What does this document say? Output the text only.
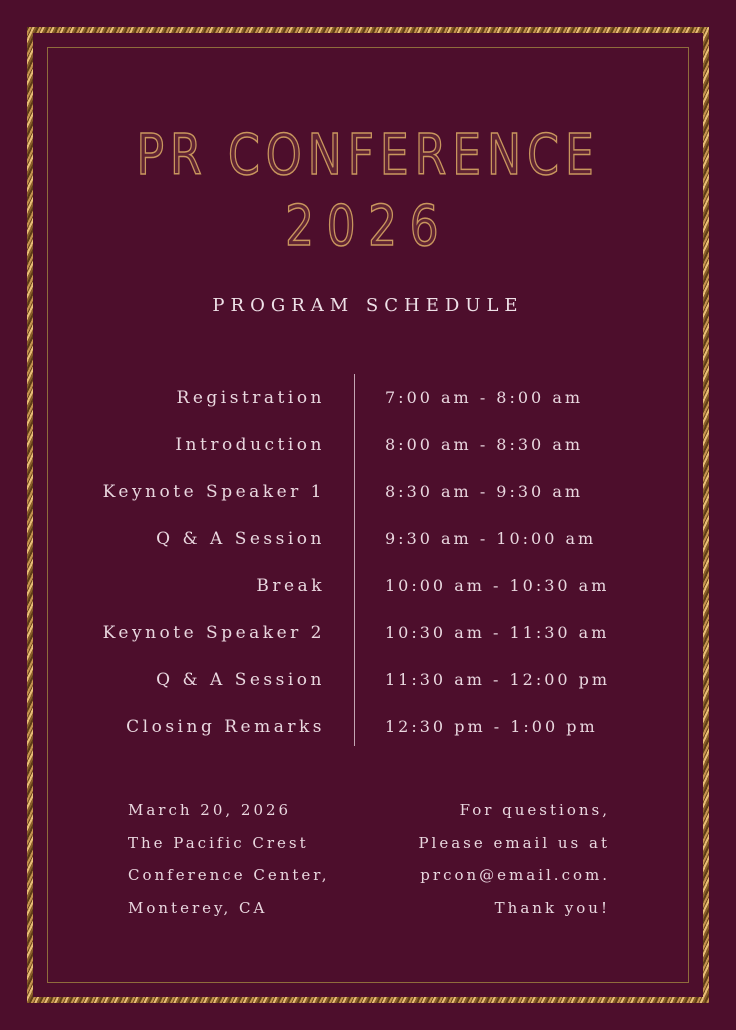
PR CONFERENCE
2026
PROGRAM SCHEDULE
Registration	7:00 am - 8:00 am
Introduction	8:00 am - 8:30 am
Keynote Speaker 1	8:30 am - 9:30 am
Q & A Session	9:30 am - 10:00 am
Break	10:00 am - 10:30 am
Keynote Speaker 2	10:30 am - 11:30 am
Q & A Session	11:30 am - 12:00 pm
Closing Remarks	12:30 pm - 1:00 pm
March 20, 2026
The Pacific Crest
Conference Center,
Monterey, CA
For questions,
Please email us at
prcon@email.com.
Thank you!
